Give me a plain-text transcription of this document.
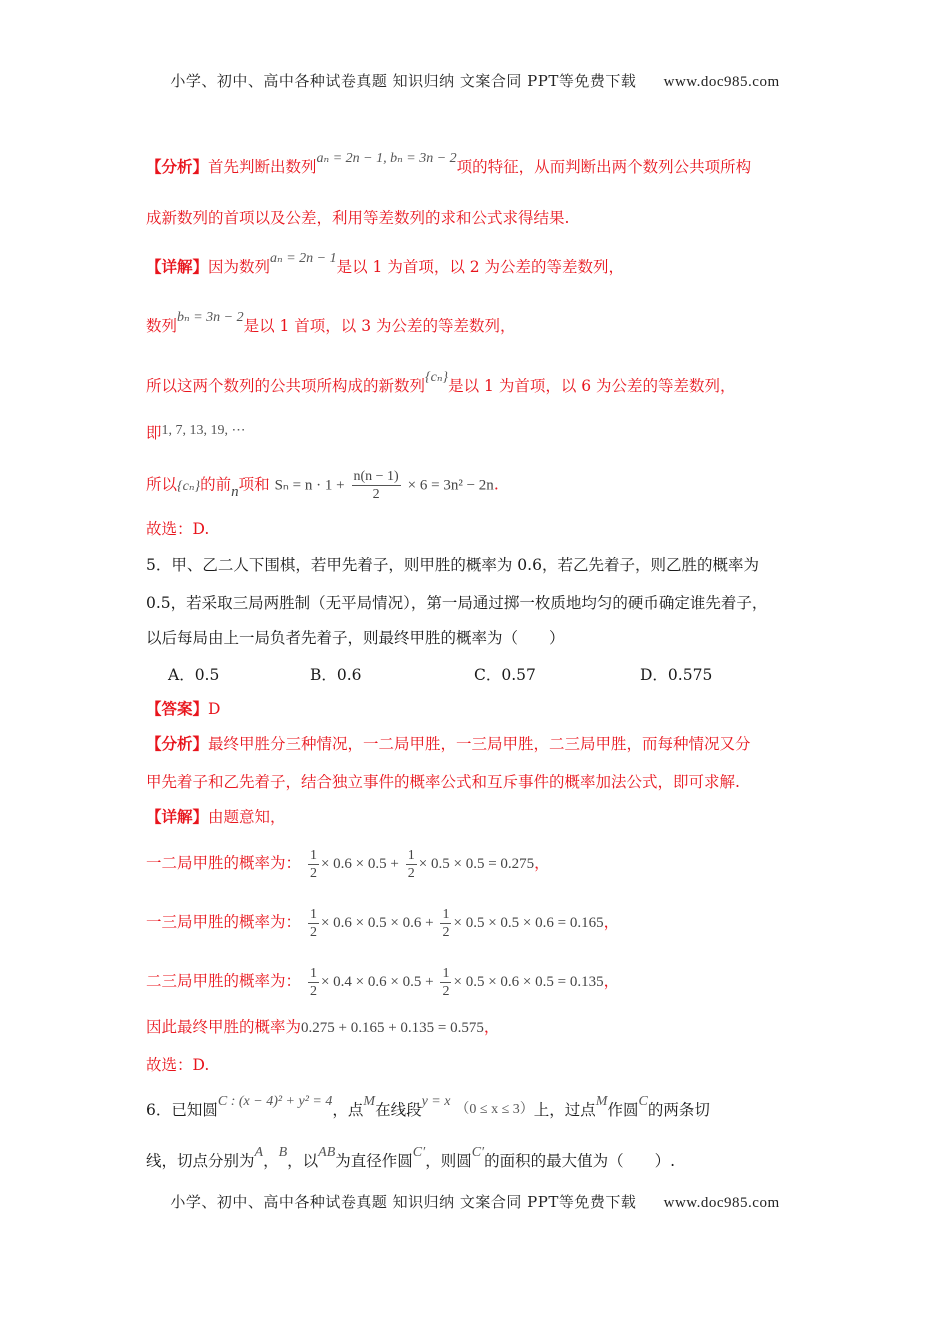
小学、初中、高中各种试卷真题 知识归纳 文案合同 PPT等免费下载 www.doc985.com
【分析】首先判断出数列aₙ = 2n − 1, bₙ = 3n − 2项的特征，从而判断出两个数列公共项所构
成新数列的首项以及公差，利用等差数列的求和公式求得结果.
【详解】因为数列aₙ = 2n − 1是以 1 为首项，以 2 为公差的等差数列，
数列bₙ = 3n − 2是以 1 首项，以 3 为公差的等差数列，
所以这两个数列的公共项所构成的新数列{cₙ}是以 1 为首项，以 6 为公差的等差数列，
即1, 7, 13, 19, ⋯
所以{cₙ}的前n项和 $S_n = n \cdot 1 + \frac{n(n - 1)}{2} \times 6 = 3n^2 - 2n$.
故选：D.
5．甲、乙二人下围棋，若甲先着子，则甲胜的概率为 0.6，若乙先着子，则乙胜的概率为
0.5，若采取三局两胜制（无平局情况），第一局通过掷一枚质地均匀的硬币确定谁先着子，
以后每局由上一局负者先着子，则最终甲胜的概率为（　　）
A．0.5	B．0.6	C．0.57	D．0.575
【答案】D
【分析】最终甲胜分三种情况，一二局甲胜，一三局甲胜，二三局甲胜，而每种情况又分
甲先着子和乙先着子，结合独立事件的概率公式和互斥事件的概率加法公式，即可求解.
【详解】由题意知，
一二局甲胜的概率为： $\frac{1}{2} \times 0.6 \times 0.5 + \frac{1}{2} \times 0.5 \times 0.5 = 0.275$，
一三局甲胜的概率为： $\frac{1}{2} \times 0.6 \times 0.5 \times 0.6 + \frac{1}{2} \times 0.5 \times 0.5 \times 0.6 = 0.165$，
二三局甲胜的概率为： $\frac{1}{2} \times 0.4 \times 0.6 \times 0.5 + \frac{1}{2} \times 0.5 \times 0.6 \times 0.5 = 0.135$，
因此最终甲胜的概率为0.275 + 0.165 + 0.135 = 0.575，
故选：D.
6．已知圆C : (x − 4)² + y² = 4，点M在线段y = x （0 ≤ x ≤ 3）上，过点M作圆C的两条切
线，切点分别为A，B，以AB为直径作圆C′，则圆C′的面积的最大值为（　　）.
小学、初中、高中各种试卷真题 知识归纳 文案合同 PPT等免费下载 www.doc985.com
